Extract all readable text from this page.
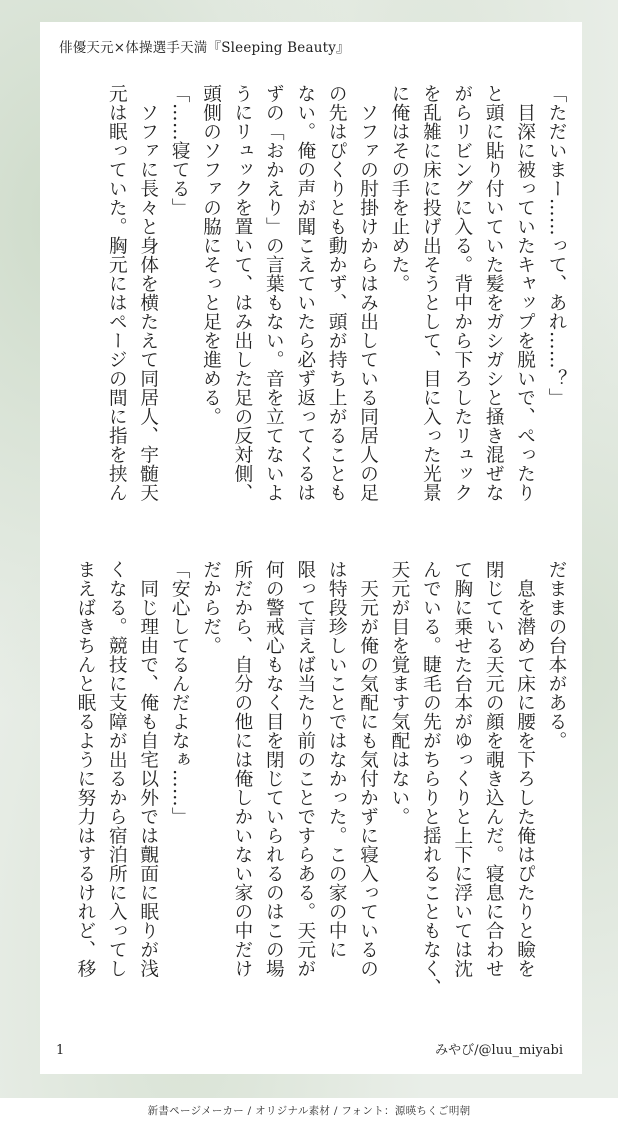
俳優天元×体操選手天満『Sleeping Beauty』
「ただいまー……って、あれ……？」
　目深に被っていたキャップを脱いで、ぺったり
と頭に貼り付いていた髪をガシガシと掻き混ぜな
がらリビングに入る。背中から下ろしたリュック
を乱雑に床に投げ出そうとして、目に入った光景
に俺はその手を止めた。
　ソファの肘掛けからはみ出している同居人の足
の先はぴくりとも動かず、頭が持ち上がることも
ない。俺の声が聞こえていたら必ず返ってくるは
ずの「おかえり」の言葉もない。音を立てないよ
うにリュックを置いて、はみ出した足の反対側、
頭側のソファの脇にそっと足を進める。
「……寝てる」
　ソファに長々と身体を横たえて同居人、宇髄天
元は眠っていた。胸元にはページの間に指を挟ん
だままの台本がある。
　息を潜めて床に腰を下ろした俺はぴたりと瞼を
閉じている天元の顔を覗き込んだ。寝息に合わせ
て胸に乗せた台本がゆっくりと上下に浮いては沈
んでいる。睫毛の先がちらりと揺れることもなく、
天元が目を覚ます気配はない。
　天元が俺の気配にも気付かずに寝入っているの
は特段珍しいことではなかった。この家の中に
限って言えば当たり前のことですらある。天元が
何の警戒心もなく目を閉じていられるのはこの場
所だから、自分の他には俺しかいない家の中だけ
だからだ。
「安心してるんだよなぁ……」
　同じ理由で、俺も自宅以外では覿面に眠りが浅
くなる。競技に支障が出るから宿泊所に入ってし
まえばきちんと眠るように努力はするけれど、移
1	みやび/@luu_miyabi
新書ページメーカー / オリジナル素材 / フォント：源暎ちくご明朝
